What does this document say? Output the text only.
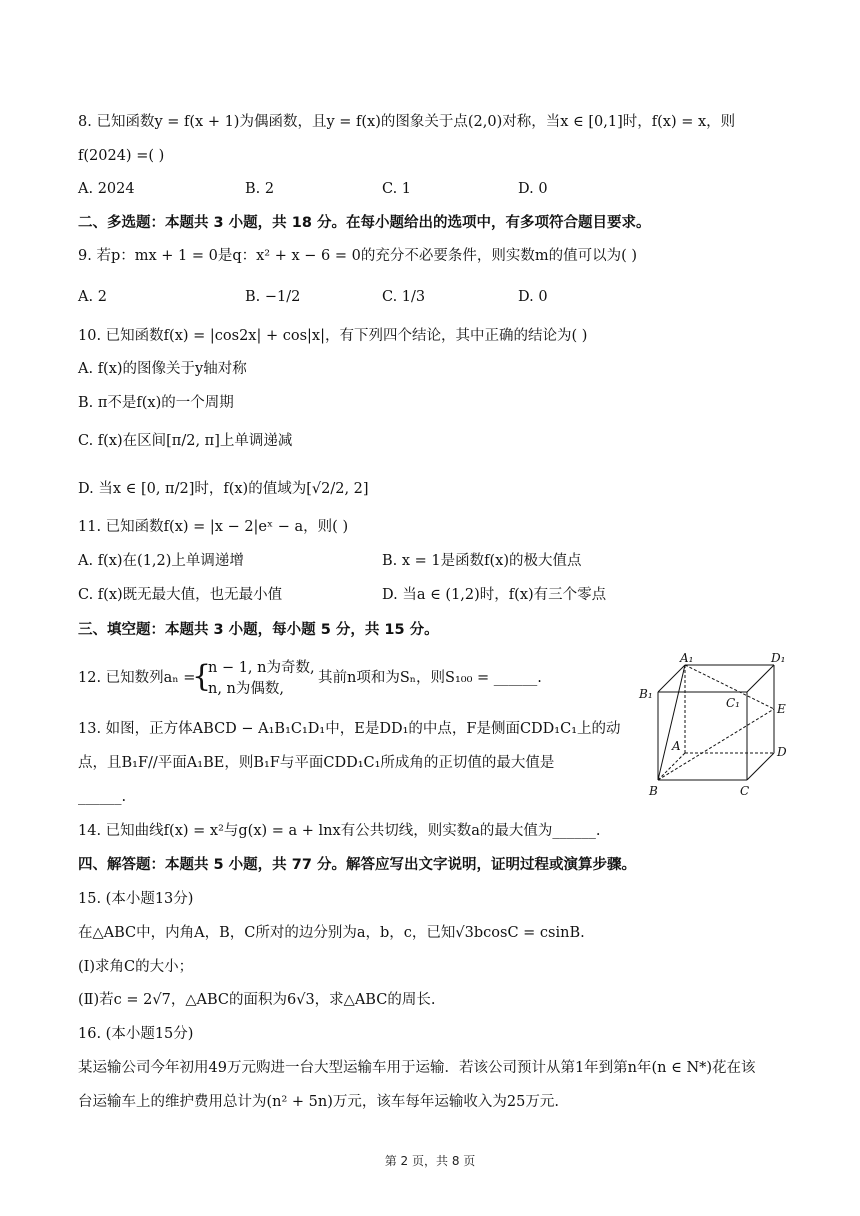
8. 已知函数y = f(x + 1)为偶函数，且y = f(x)的图象关于点(2,0)对称，当x ∈ [0,1]时，f(x) = x，则
f(2024) =( )
A. 2024	B. 2	C. 1	D. 0
二、多选题：本题共 3 小题，共 18 分。在每小题给出的选项中，有多项符合题目要求。
9. 若p：mx + 1 = 0是q：x² + x − 6 = 0的充分不必要条件，则实数m的值可以为( )
A. 2	B. −1/2	C. 1/3	D. 0
10. 已知函数f(x) = |cos2x| + cos|x|，有下列四个结论，其中正确的结论为( )
A. f(x)的图像关于y轴对称
B. π不是f(x)的一个周期
C. f(x)在区间[π/2, π]上单调递减
D. 当x ∈ [0, π/2]时，f(x)的值域为[√2/2, 2]
11. 已知函数f(x) = |x − 2|eˣ − a，则( )
A. f(x)在(1,2)上单调递增	B. x = 1是函数f(x)的极大值点
C. f(x)既无最大值，也无最小值	D. 当a ∈ (1,2)时，f(x)有三个零点
三、填空题：本题共 3 小题，每小题 5 分，共 15 分。
12. 已知数列aₙ =
{
n − 1, n为奇数,
n, n为偶数,
其前n项和为Sₙ，则S₁₀₀ = ______.
13. 如图，正方体ABCD − A₁B₁C₁D₁中，E是DD₁的中点，F是侧面CDD₁C₁上的动
点，且B₁F//平面A₁BE，则B₁F与平面CDD₁C₁所成角的正切值的最大值是
______.
A₁	D₁
B₁
C₁	E
A	D
B	C
14. 已知曲线f(x) = x²与g(x) = a + lnx有公共切线，则实数a的最大值为______.
四、解答题：本题共 5 小题，共 77 分。解答应写出文字说明，证明过程或演算步骤。
15. (本小题13分)
在△ABC中，内角A，B，C所对的边分别为a，b，c，已知√3bcosC = csinB.
(Ⅰ)求角C的大小；
(Ⅱ)若c = 2√7，△ABC的面积为6√3，求△ABC的周长.
16. (本小题15分)
某运输公司今年初用49万元购进一台大型运输车用于运输．若该公司预计从第1年到第n年(n ∈ N*)花在该
台运输车上的维护费用总计为(n² + 5n)万元，该车每年运输收入为25万元.
第 2 页，共 8 页
